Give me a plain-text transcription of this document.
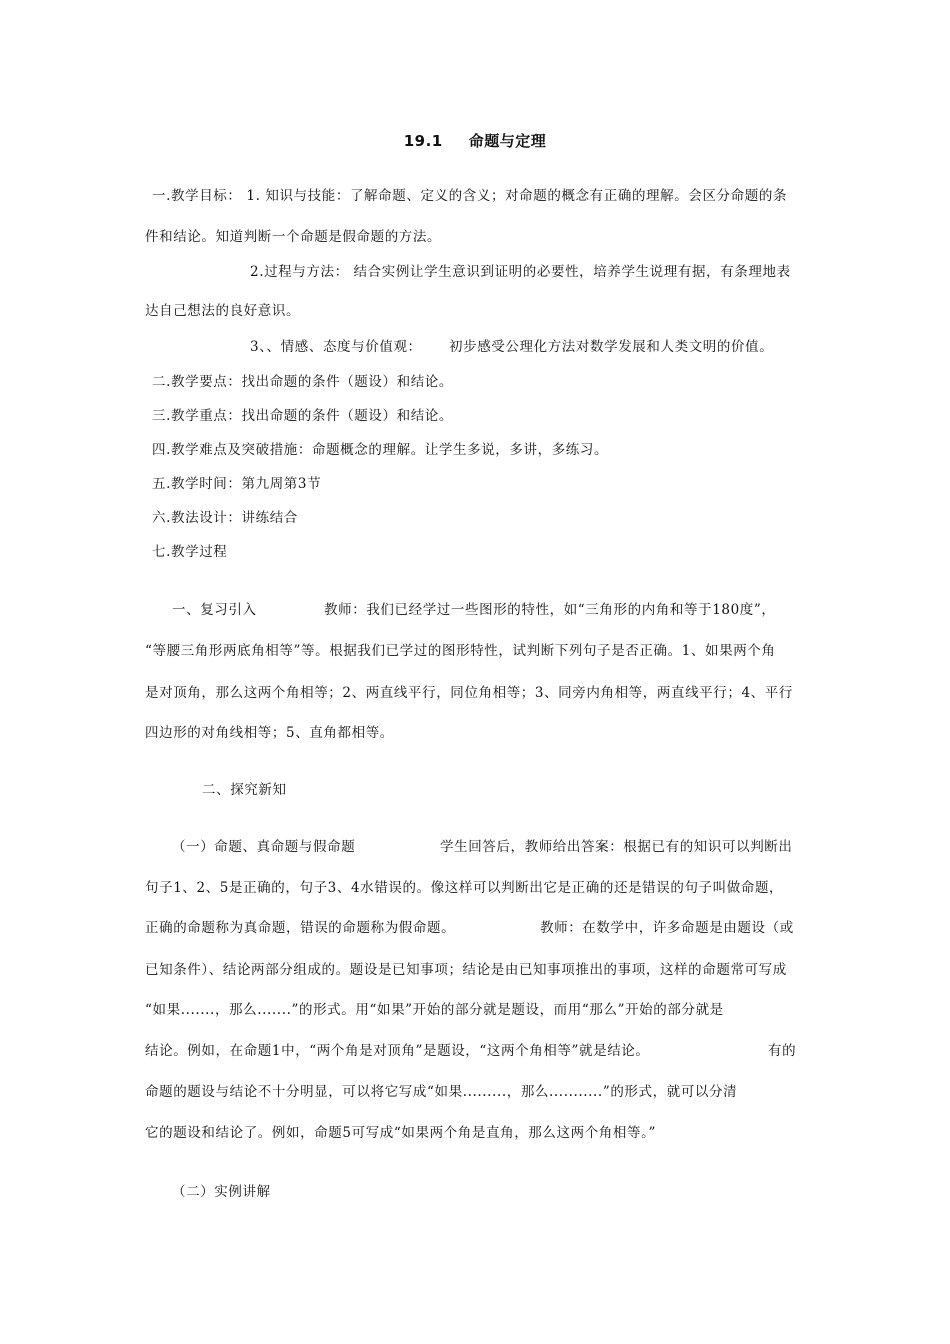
19.1 命题与定理
一.教学目标： 1. 知识与技能：了解命题、定义的含义；对命题的概念有正确的理解。会区分命题的条
件和结论。知道判断一个命题是假命题的方法。
2.过程与方法： 结合实例让学生意识到证明的必要性，培养学生说理有据，有条理地表
达自己想法的良好意识。
3、、情感、态度与价值观： 初步感受公理化方法对数学发展和人类文明的价值。
二.教学要点：找出命题的条件（题设）和结论。
三.教学重点：找出命题的条件（题设）和结论。
四.教学难点及突破措施：命题概念的理解。让学生多说，多讲，多练习。
五.教学时间：第九周第3节
六.教法设计：讲练结合
七.教学过程
一、复习引入	教师：我们已经学过一些图形的特性，如“三角形的内角和等于180度”，
“等腰三角形两底角相等”等。根据我们已学过的图形特性，试判断下列句子是否正确。1、如果两个角
是对顶角，那么这两个角相等；2、两直线平行，同位角相等；3、同旁内角相等，两直线平行；4、平行
四边形的对角线相等；5、直角都相等。
二、探究新知
（一）命题、真命题与假命题	学生回答后，教师给出答案：根据已有的知识可以判断出
句子1、2、5是正确的，句子3、4水错误的。像这样可以判断出它是正确的还是错误的句子叫做命题，
正确的命题称为真命题，错误的命题称为假命题。	教师：在数学中，许多命题是由题设（或
已知条件）、结论两部分组成的。题设是已知事项；结论是由已知事项推出的事项，这样的命题常可写成
“如果.......，那么.......”的形式。用“如果”开始的部分就是题设，而用“那么”开始的部分就是
结论。例如，在命题1中，“两个角是对顶角”是题设，“这两个角相等”就是结论。	有的
命题的题设与结论不十分明显，可以将它写成“如果.........，那么...........”的形式，就可以分清
它的题设和结论了。例如，命题5可写成“如果两个角是直角，那么这两个角相等。”
（二）实例讲解
